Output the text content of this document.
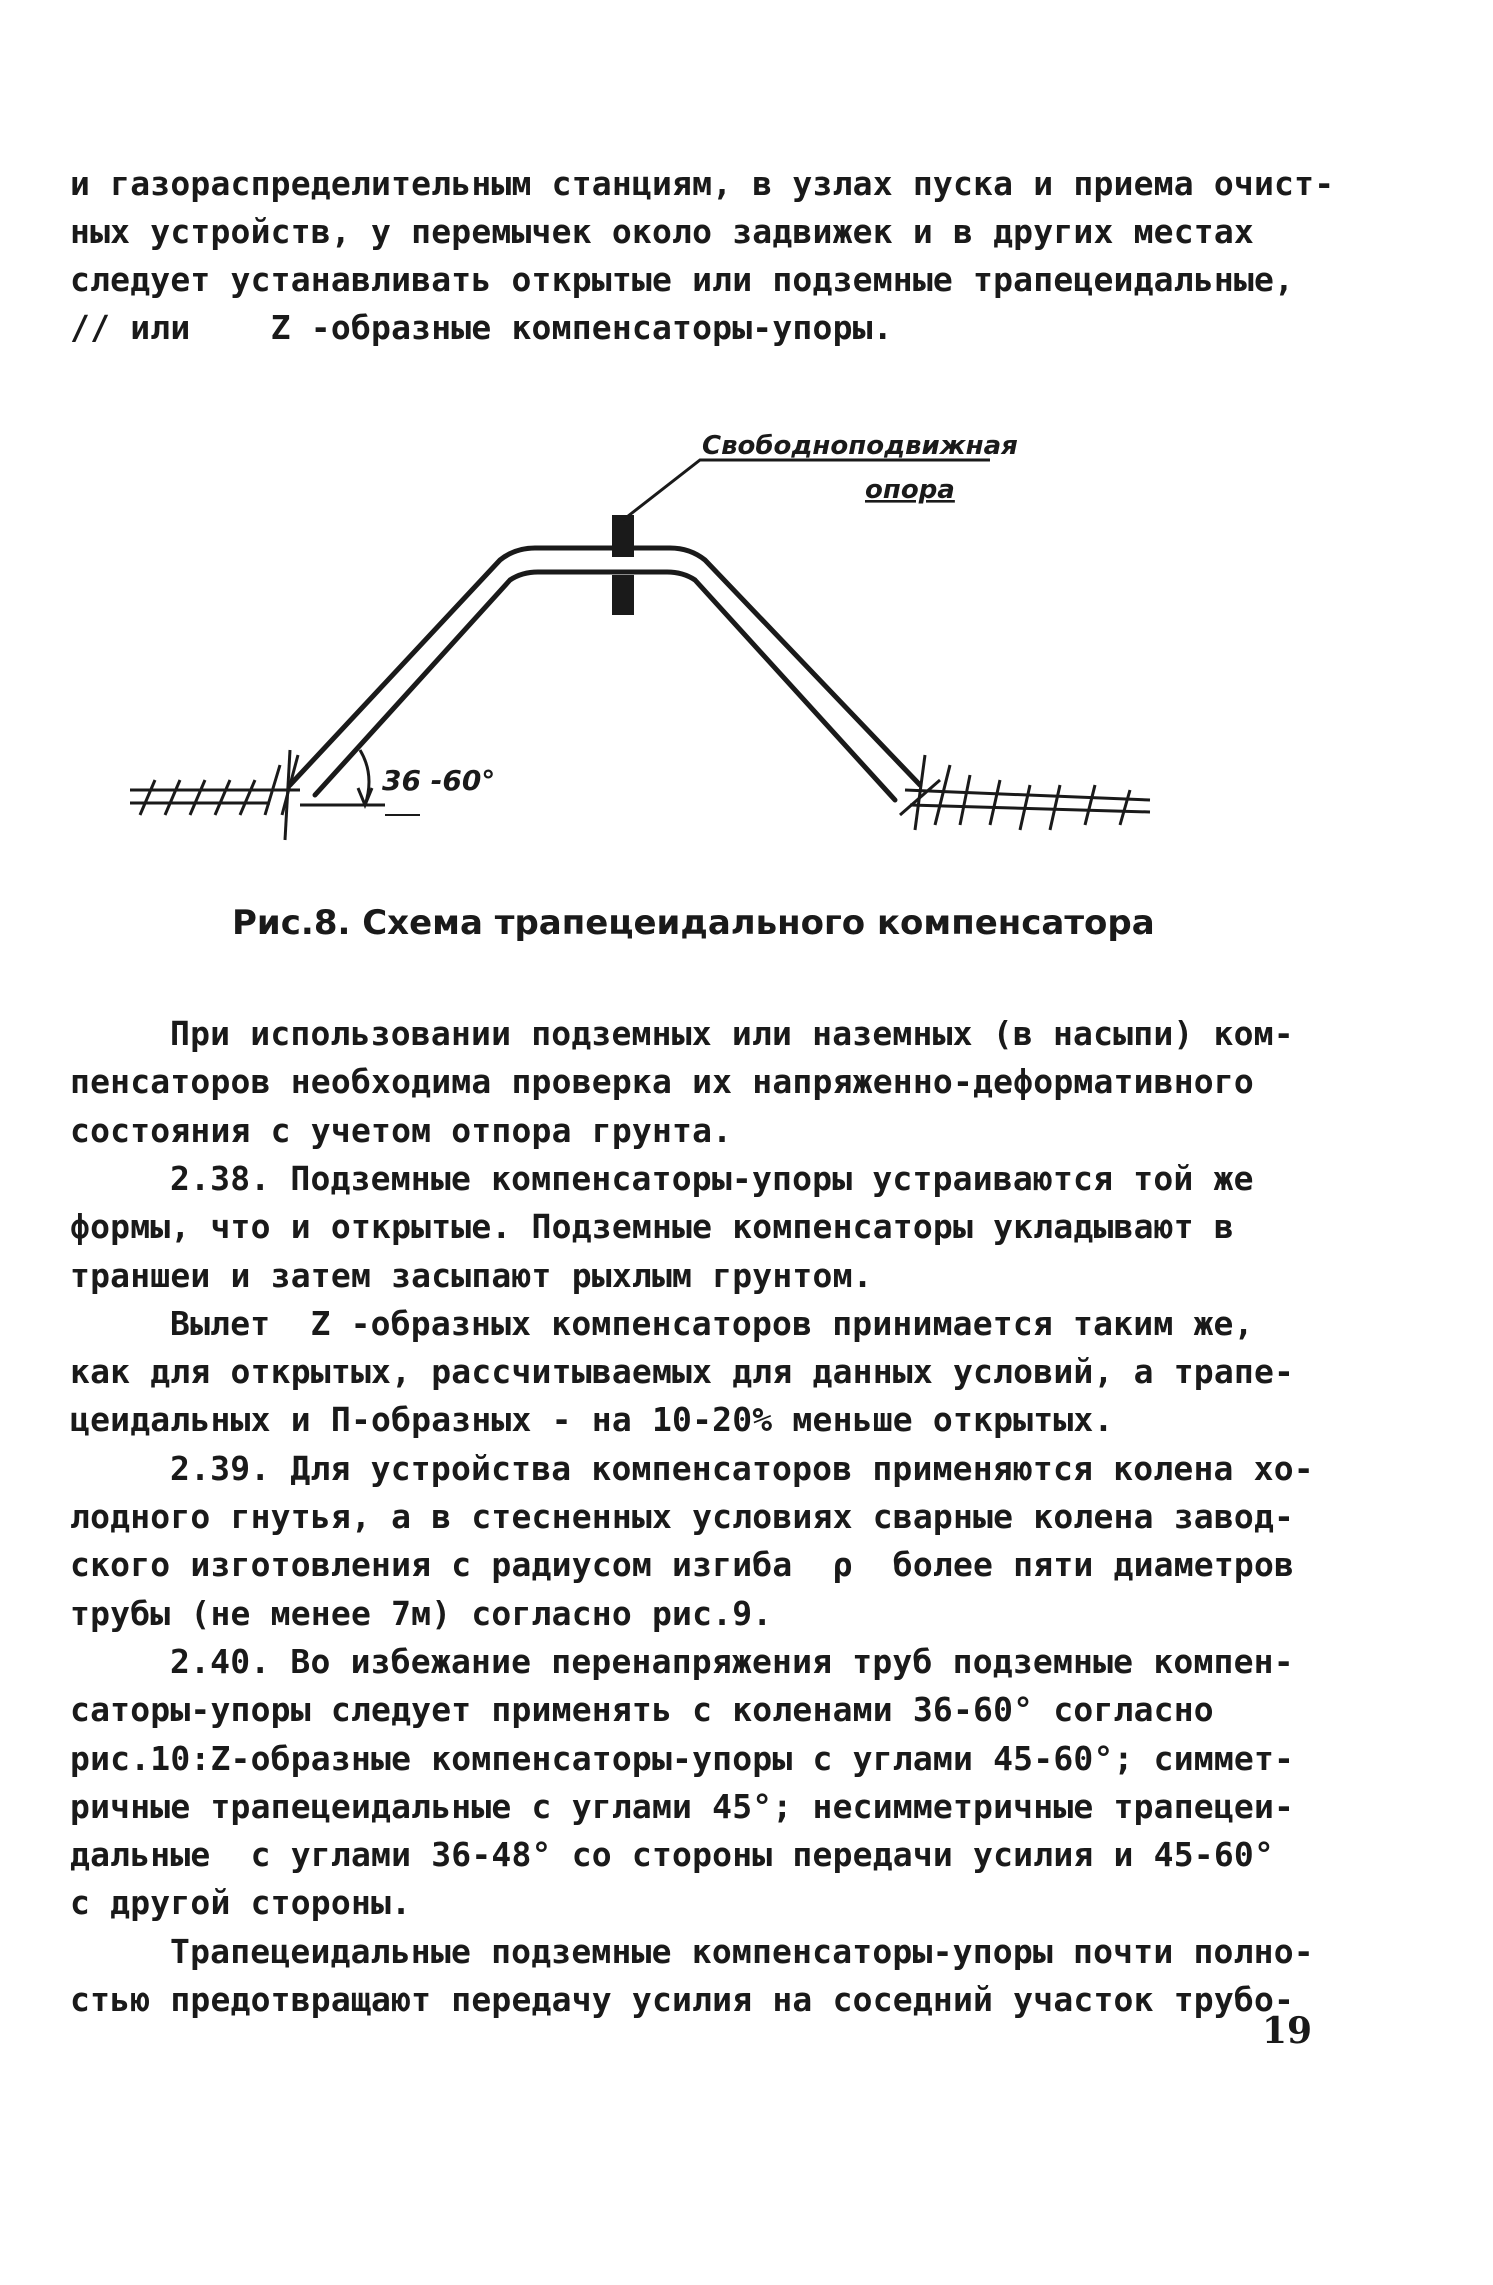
и газораспределительным станциям, в узлах пуска и приема очист-
ных устройств, у перемычек около задвижек и в других местах
следует устанавливать открытые или подземные трапецеидальные,
// или    Z -образные компенсаторы-упоры.
Свободноподвижная
опора
36 -60°
Рис.8. Схема трапецеидального компенсатора
При использовании подземных или наземных (в насыпи) ком-
пенсаторов необходима проверка их напряженно-деформативного
состояния с учетом отпора грунта.
2.38. Подземные компенсаторы-упоры устраиваются той же
формы, что и открытые. Подземные компенсаторы укладывают в
траншеи и затем засыпают рыхлым грунтом.
Вылет  Z -образных компенсаторов принимается таким же,
как для открытых, рассчитываемых для данных условий, а трапе-
цеидальных и П-образных - на 10-20% меньше открытых.
2.39. Для устройства компенсаторов применяются колена хо-
лодного гнутья, а в стесненных условиях сварные колена завод-
ского изготовления с радиусом изгиба  ρ  более пяти диаметров
трубы (не менее 7м) согласно рис.9.
2.40. Во избежание перенапряжения труб подземные компен-
саторы-упоры следует применять с коленами 36-60° согласно
рис.10:Z-образные компенсаторы-упоры с углами 45-60°; симмет-
ричные трапецеидальные с углами 45°; несимметричные трапецеи-
дальные  с углами 36-48° со стороны передачи усилия и 45-60°
с другой стороны.
Трапецеидальные подземные компенсаторы-упоры почти полно-
стью предотвращают передачу усилия на соседний участок трубо-
19
